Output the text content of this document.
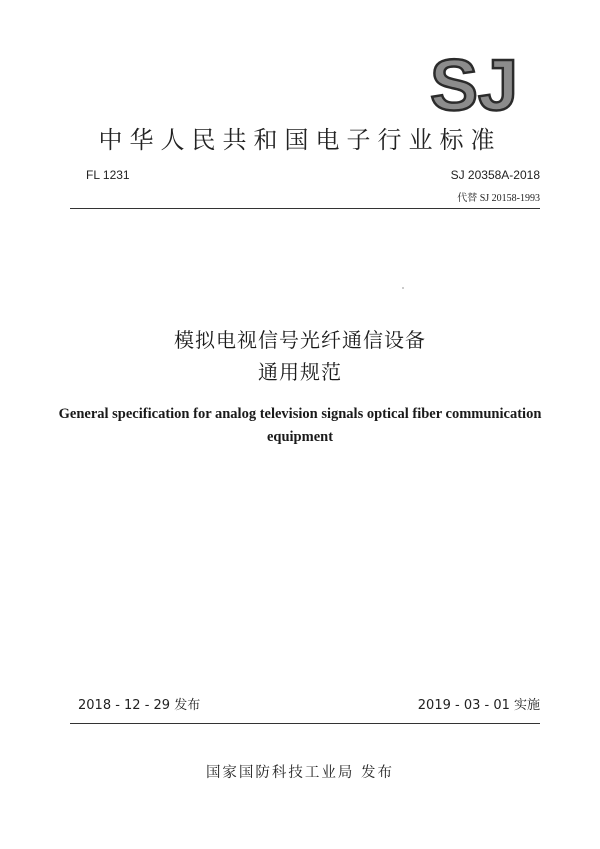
SJ
中华人民共和国电子行业标准
FL 1231	SJ 20358A-2018
代替 SJ 20158-1993
模拟电视信号光纤通信设备
通用规范
General specification for analog television signals optical fiber communication
equipment
2018 - 12 - 29 发布	2019 - 03 - 01 实施
国家国防科技工业局 发布
